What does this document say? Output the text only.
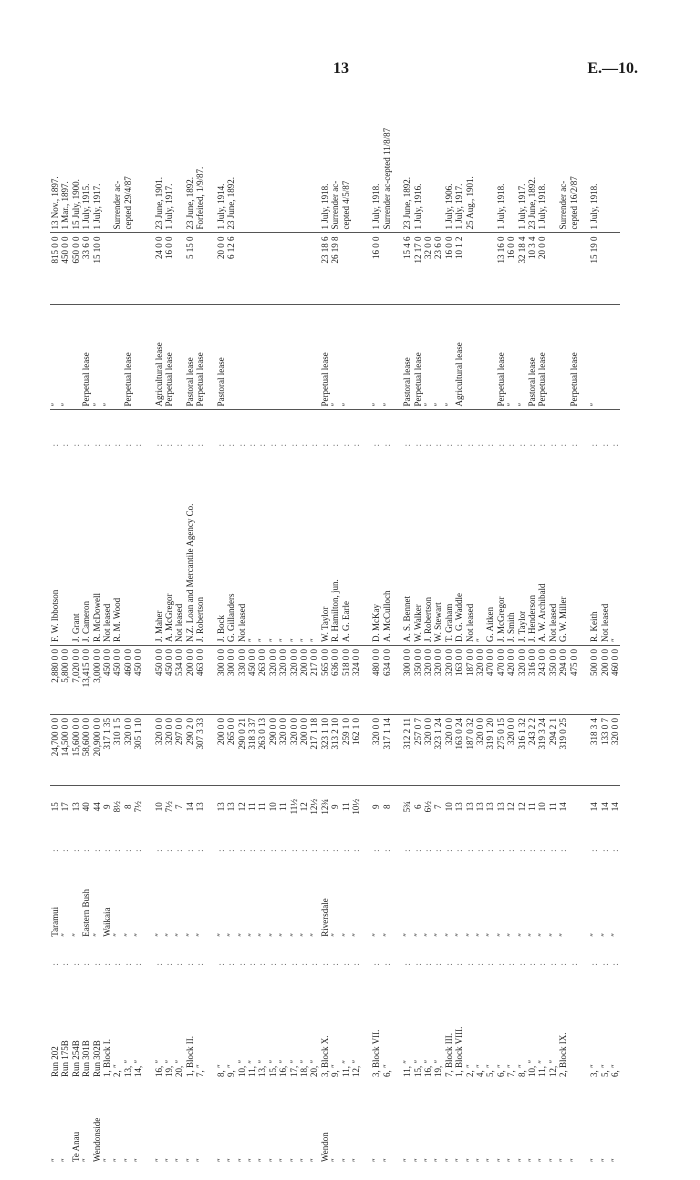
13	E.—10.
″	Run 202	:	Taramui	:	15	24,700 0 0	2,880 0 0	F. W. Ibbotson	:	″	815 0 0	13 Nov., 1897.
″	Run 175B	:	″	:	17	14,500 0 0	5,800 0 0		:	″	450 0 0	1 Mar., 1897.
Te Anau	Run 254B	:	″	:	13	15,600 0 0	7,020 0 0	J. Grant	:		650 0 0	15 July, 1900.
″	Run 301B	:	Eastern Bush	:	40	58,600 0 0	13,415 0 0	J. Cameron	:	Perpetual lease	33 6 0	1 July, 1915.
Wendonside	Run 302B	:	″	:	44	20,900 0 0	3,000 0 0	R. McDowell	:	″	15 10 0	1 July, 1917.
″	1, Block I.	:	Waikaia	:	9	317 1 35	450 0 0	Not leased	:	″		
″	2, ″	:	″	:	8½	310 1 5	450 0 0	R. M. Wood	:			Surrender ac-
″	13, ″	:	″	:	8	320 0 0	460 0 0		:	Perpetual lease		cepted 29/4/87
″	14, ″	:	″	:	7½	305 1 10	450 0 0		:			

″	16, ″	:	″	:	10	320 0 0	450 0 0	J. Maher	:	Agricultural lease	24 0 0	23 June, 1901.
″	19, ″	:	″	:	7½	320 0 0	450 0 0	A. McGregor	:	Perpetual lease	16 0 0	1 July, 1917.
″	20, ″	:	″	:	7	297 0 0	534 0 0	Not leased	:			
″	1, Block II.	:	″	:	14	290 2 0	200 0 0	N.Z. Loan and Mercantile Agency Co.	:	Pastoral lease	5 15 0	23 June, 1892.
″	7, ″	:	″	:	13	307 3 33	463 0 0	J. Robertson	:	Perpetual lease		Forfeited, 1/9/87.

″	8, ″	:	″	:	13	200 0 0	300 0 0	J. Bock	:	Pastoral lease	20 0 0	1 July, 1914.
″	9, ″	:	″	:	13	265 0 0	300 0 0	G. Gillanders	:		6 12 6	23 June, 1892.
″	10, ″	:	″	:	12	290 0 21	330 0 0	Not leased	:			
″	11, ″	:	″	:	11	318 3 37	450 0 0	″	:			
″	13, ″	:	″	:	11	263 0 13	263 0 0	″	:			
″	15, ″	:	″	:	10	290 0 0	320 0 0	″	:			
″	16, ″	:	″	:	11	320 0 0	320 0 0	″	:			
″	17, ″	:	″	:	11½	320 0 0	320 0 0	″	:			
″	18, ″	:	″	:	12	200 0 0	200 0 0	″	:			
″	20, ″	:	″	:	12½	217 1 18	217 0 0	″	:			
Wendon	3, Block X.	:	Riversdale	:	12¾	323 1 10	565 0 0	W. Taylor	:	Perpetual lease	23 18 6	1 July, 1918.
″	9, ″	:	″	:	9	313 2 10	636 0 0	R. Hamilton, jun.	:	″	26 19 8	Surrender ac-
″	11, ″	:	″	:	11	259 1 0	518 0 0	A. G. Earle	:	″		cepted 4/5/87
″	12, ″	:	″	:	10½	162 1 0	324 0 0		:			

″	3, Block VII.	:	″	:	9	320 0 0	480 0 0	D. McKay	:	″	16 0 0	1 July, 1918.
″	6, ″	:	″	:	8	317 1 14	634 0 0	A. McCulloch	:	″		Surrender ac-cepted 11/8/87

″	11, ″	:	″	:	5¾	312 2 11	300 0 0	A. S. Bennet	:	Pastoral lease	15 4 6	23 June, 1892.
″	15, ″	:	″	:	6	257 0 7	350 0 0	W. Walker	:	Perpetual lease	12 17 0	1 July, 1916.
″	16, ″	:	″	:	6½	320 0 0	320 0 0	J. Robertson	:	″	32 0 0	
″	19, ″	:	″	:	7	323 1 24	320 0 0	W. Stewart	:	″	23 6 0	
″	7, Block III.	:	″	:	10	320 0 0	320 0 0	T. Graham	:	″	16 0 0	1 July, 1906.
″	1, Block VIII.	:	″	:	13	163 0 24	163 0 0	D. G. Waddle	:	Agricultural lease	10 1 2	1 July, 1917.
″	2, ″	:	″	:	13	187 0 32	187 0 0	Not leased	:			25 Aug., 1901.
″	4, ″	:	″	:	13	320 0 0	320 0 0	″	:			
″	5, ″	:	″	:	13	319 1 20	470 0 0	G. Aitken	:			
″	6, ″	:	″	:	13	275 0 15	470 0 0	J. McGregor	:	Perpetual lease	13 16 0	1 July, 1918.
″	7, ″	:	″	:	12	320 0 0	420 0 0	J. Smith	:	″	16 0 0	
″	8, ″	:	″	:	12	316 1 32	320 0 0	J. Taylor	:	″	32 18 4	1 July, 1917.
″	10, ″	:	″	:	11	243 2 2	316 0 0	J. Henderson	:	Pastoral lease	10 3 4	23 June, 1892.
″	11, ″	:	″	:	10	319 3 24	243 0 0	A. W. Archibald	:	Perpetual lease	20 0 0	1 July, 1918.
″	12, ″	:	″	:	11	294 2 1	350 0 0	Not leased	:			
″	2, Block IX.	:	″	:	14	319 0 25	294 0 0	G. W. Miller	:			Surrender ac-
″		:					475 0 0		:	Perpetual lease		cepted 16/2/87

″	3, ″	:	″	:	14	318 3 4	500 0 0	R. Keith	:	″	15 19 0	1 July, 1918.
″	5, ″	:	″	:	14	133 0 7	200 0 0	Not leased	:			
″	6, ″	:	″	:	14	320 0 0	460 0 0	″	:			
